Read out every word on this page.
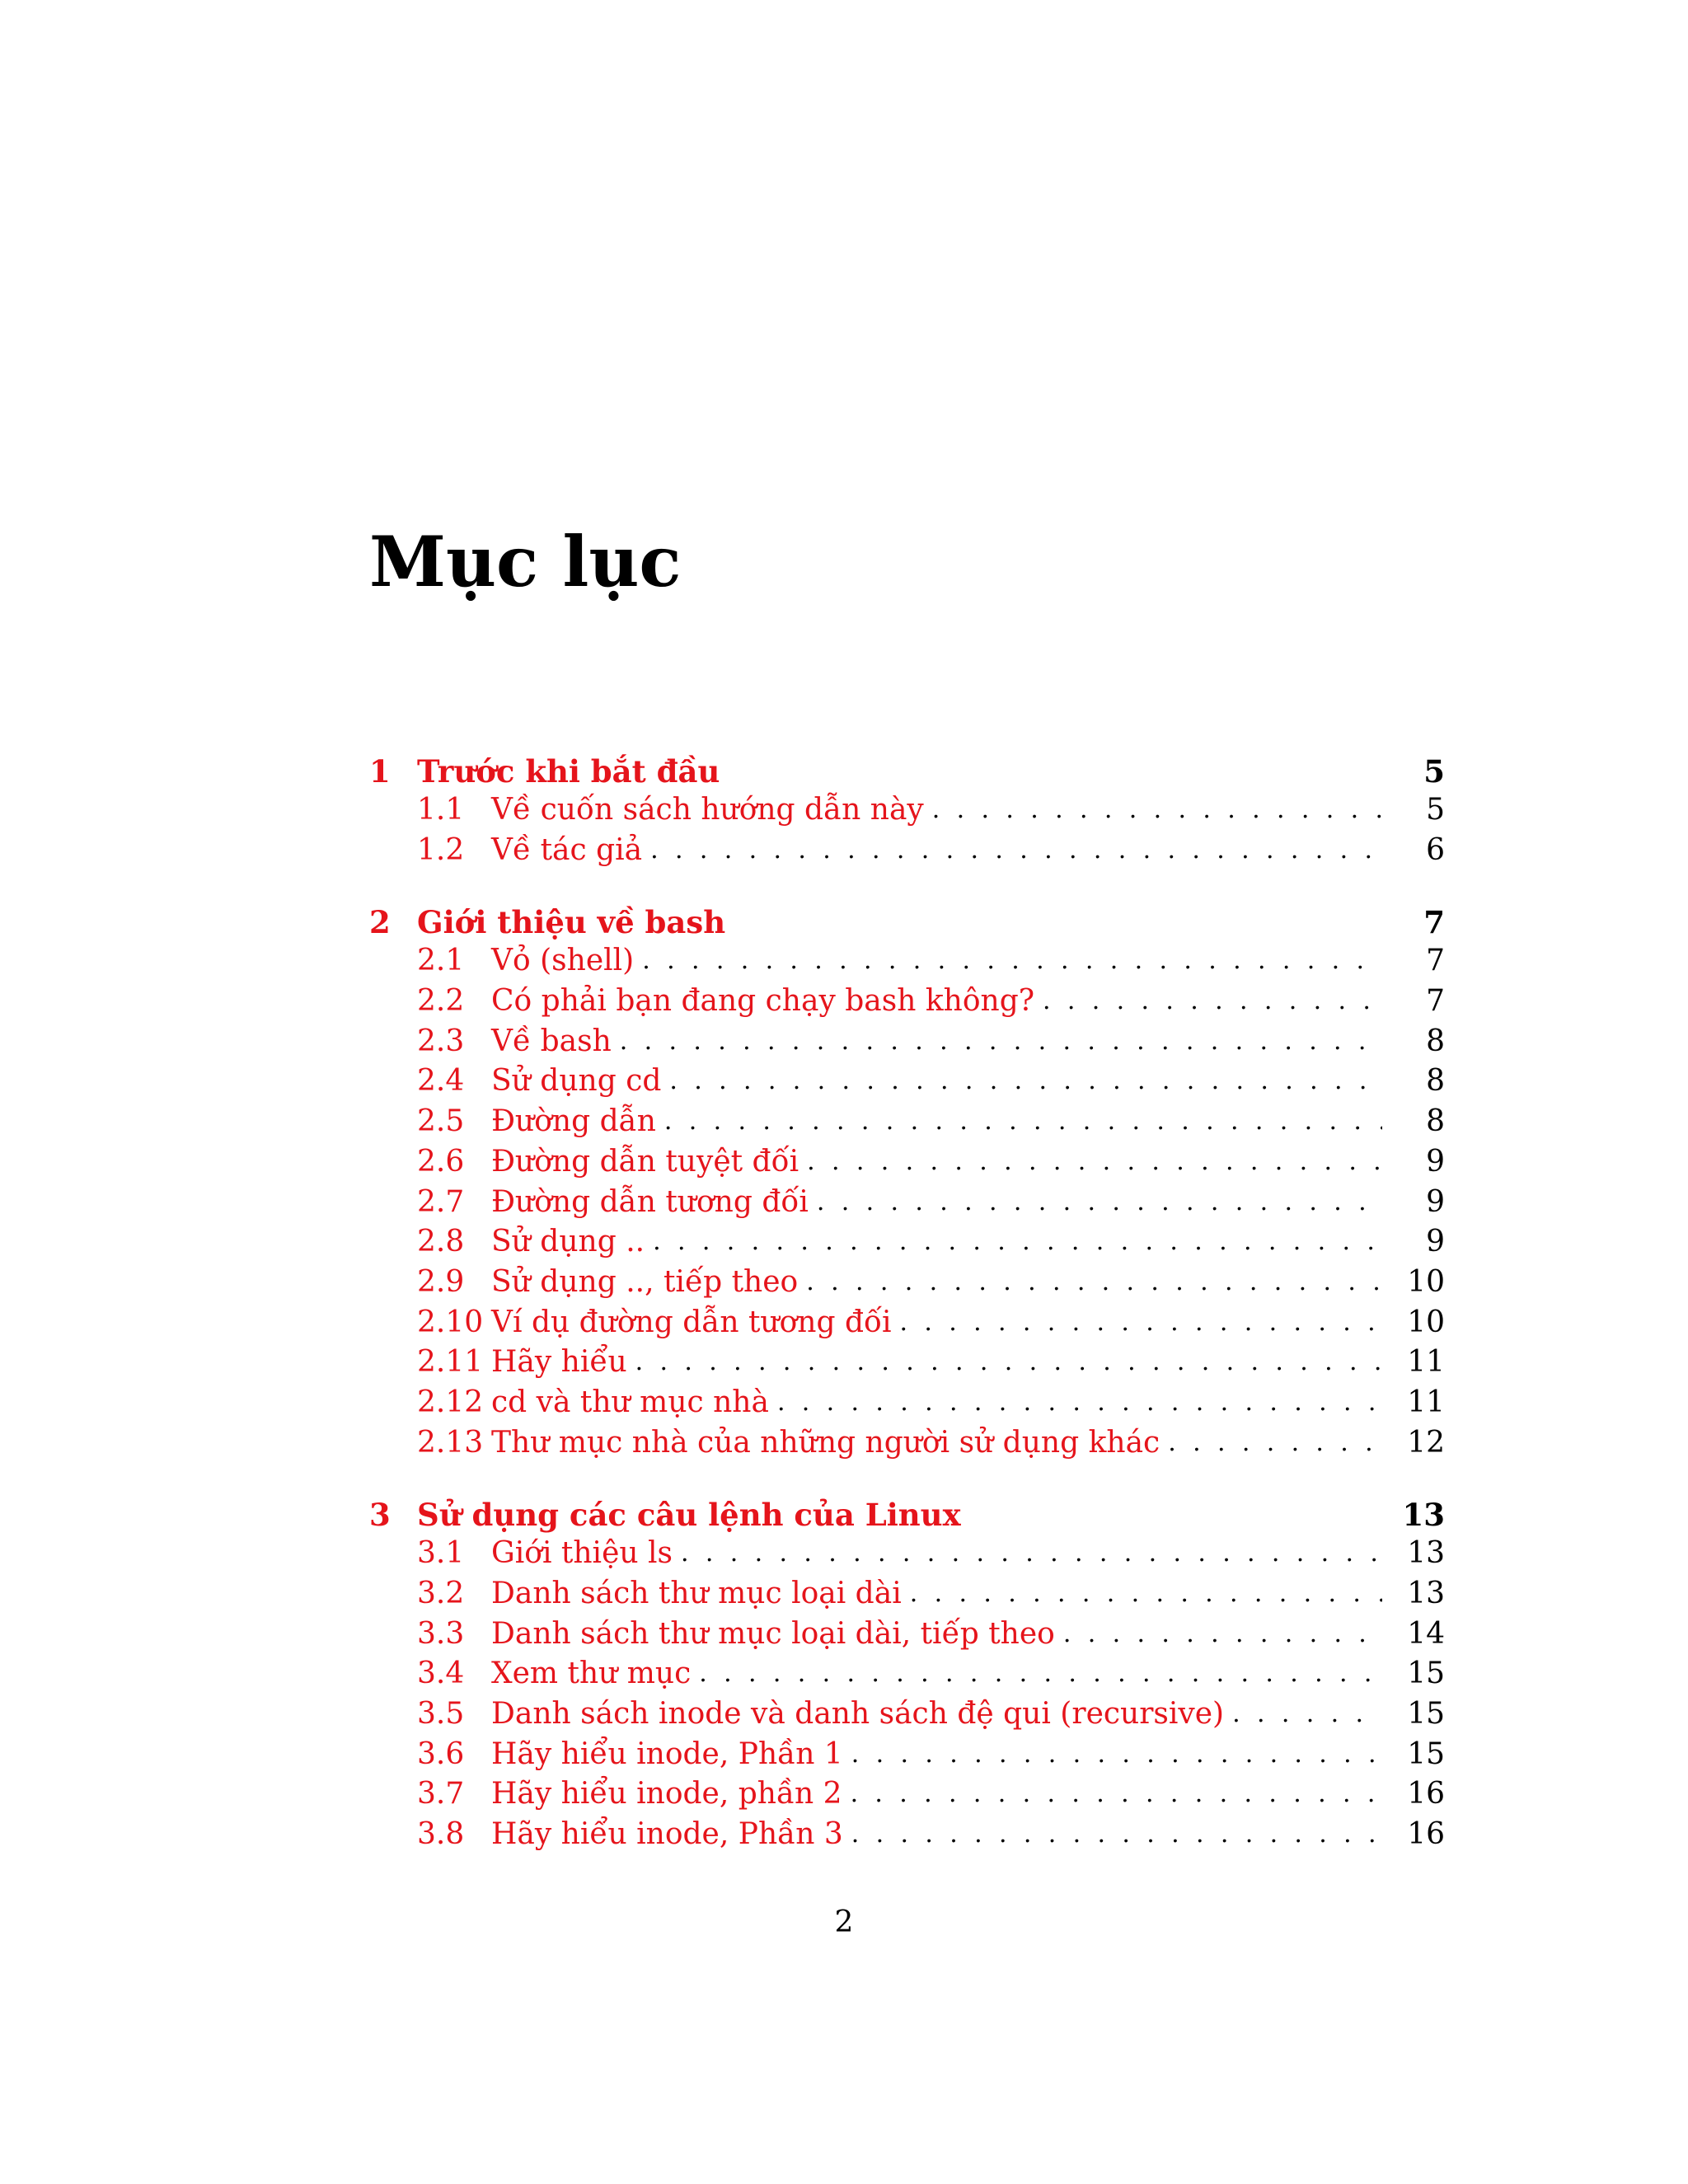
Mục lục
1 Trước khi bắt đầu	5
1.1 Về cuốn sách hướng dẫn này . . .	5
1.2 Về tác giả . . .	6
2 Giới thiệu về bash	7
2.1 Vỏ (shell) . . .	7
2.2 Có phải bạn đang chạy bash không? . . .	7
2.3 Về bash . . .	8
2.4 Sử dụng cd . . .	8
2.5 Đường dẫn . . .	8
2.6 Đường dẫn tuyệt đối . . .	9
2.7 Đường dẫn tương đối . . .	9
2.8 Sử dụng .. . . .	9
2.9 Sử dụng .., tiếp theo . . .	10
2.10 Ví dụ đường dẫn tương đối . . .	10
2.11 Hãy hiểu . . .	11
2.12 cd và thư mục nhà . . .	11
2.13 Thư mục nhà của những người sử dụng khác . . .	12
3 Sử dụng các câu lệnh của Linux	13
3.1 Giới thiệu ls . . .	13
3.2 Danh sách thư mục loại dài . . .	13
3.3 Danh sách thư mục loại dài, tiếp theo . . .	14
3.4 Xem thư mục . . .	15
3.5 Danh sách inode và danh sách đệ qui (recursive) . . .	15
3.6 Hãy hiểu inode, Phần 1 . . .	15
3.7 Hãy hiểu inode, phần 2 . . .	16
3.8 Hãy hiểu inode, Phần 3 . . .	16
2
